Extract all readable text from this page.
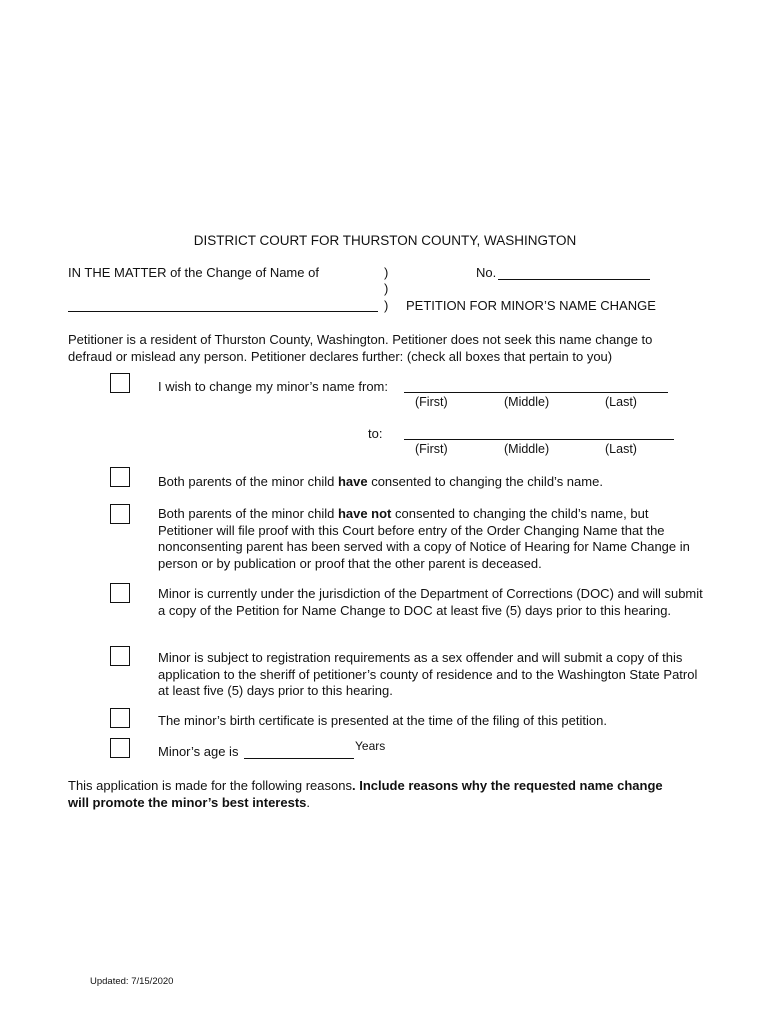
DISTRICT COURT FOR THURSTON COUNTY, WASHINGTON
IN THE MATTER of the Change of Name of	)
)
)
No.
PETITION FOR MINOR’S NAME CHANGE
Petitioner is a resident of Thurston County, Washington. Petitioner does not seek this name change to defraud or mislead any person. Petitioner declares further: (check all boxes that pertain to you)
I wish to change my minor’s name from:
(First)	(Middle)	(Last)
to:
(First)	(Middle)	(Last)
Both parents of the minor child have consented to changing the child’s name.
Both parents of the minor child have not consented to changing the child’s name, but Petitioner will file proof with this Court before entry of the Order Changing Name that the nonconsenting parent has been served with a copy of Notice of Hearing for Name Change in person or by publication or proof that the other parent is deceased.
Minor is currently under the jurisdiction of the Department of Corrections (DOC) and will submit a copy of the Petition for Name Change to DOC at least five (5) days prior to this hearing.
Minor is subject to registration requirements as a sex offender and will submit a copy of this application to the sheriff of petitioner’s county of residence and to the Washington State Patrol at least five (5) days prior to this hearing.
The minor’s birth certificate is presented at the time of the filing of this petition.
Minor’s age is	Years
This application is made for the following reasons. Include reasons why the requested name change will promote the minor’s best interests.
Updated: 7/15/2020
